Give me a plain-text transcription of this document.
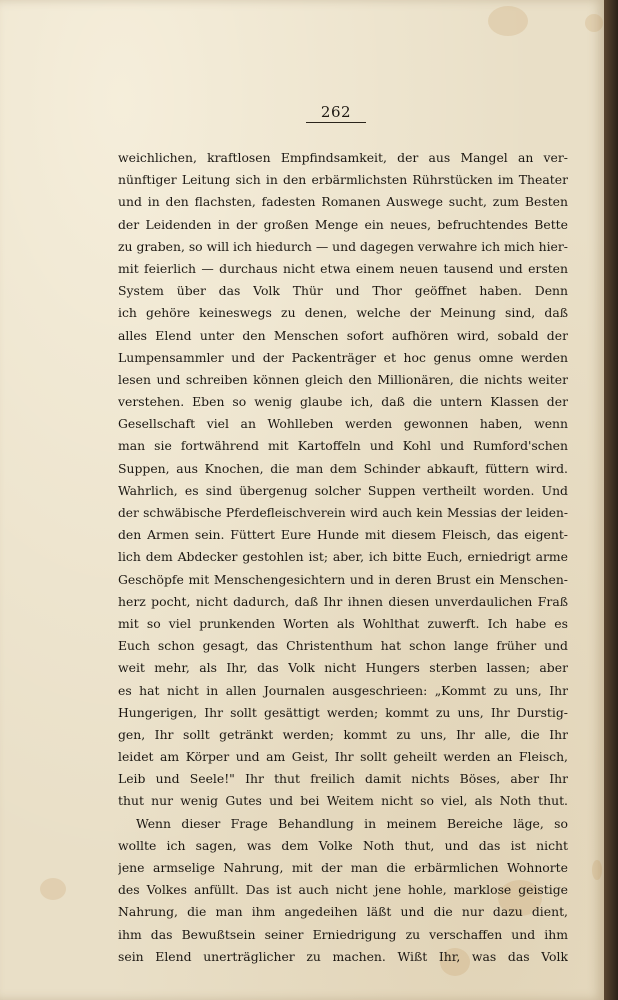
262
weichlichen, kraftlosen Empfindsamkeit, der aus Mangel an ver-
nünftiger Leitung sich in den erbärmlichsten Rührstücken im Theater
und in den flachsten, fadesten Romanen Auswege sucht, zum Besten
der Leidenden in der großen Menge ein neues, befruchtendes Bette
zu graben, so will ich hiedurch — und dagegen verwahre ich mich hier-
mit feierlich — durchaus nicht etwa einem neuen tausend und ersten
System über das Volk Thür und Thor geöffnet haben. Denn
ich gehöre keineswegs zu denen, welche der Meinung sind, daß
alles Elend unter den Menschen sofort aufhören wird, sobald der
Lumpensammler und der Packenträger et hoc genus omne werden
lesen und schreiben können gleich den Millionären, die nichts weiter
verstehen. Eben so wenig glaube ich, daß die untern Klassen der
Gesellschaft viel an Wohlleben werden gewonnen haben, wenn
man sie fortwährend mit Kartoffeln und Kohl und Rumford'schen
Suppen, aus Knochen, die man dem Schinder abkauft, füttern wird.
Wahrlich, es sind übergenug solcher Suppen vertheilt worden. Und
der schwäbische Pferdefleischverein wird auch kein Messias der leiden-
den Armen sein. Füttert Eure Hunde mit diesem Fleisch, das eigent-
lich dem Abdecker gestohlen ist; aber, ich bitte Euch, erniedrigt arme
Geschöpfe mit Menschengesichtern und in deren Brust ein Menschen-
herz pocht, nicht dadurch, daß Ihr ihnen diesen unverdaulichen Fraß
mit so viel prunkenden Worten als Wohlthat zuwerft. Ich habe es
Euch schon gesagt, das Christenthum hat schon lange früher und
weit mehr, als Ihr, das Volk nicht Hungers sterben lassen; aber
es hat nicht in allen Journalen ausgeschrieen: „Kommt zu uns, Ihr
Hungerigen, Ihr sollt gesättigt werden; kommt zu uns, Ihr Durstig-
gen, Ihr sollt getränkt werden; kommt zu uns, Ihr alle, die Ihr
leidet am Körper und am Geist, Ihr sollt geheilt werden an Fleisch,
Leib und Seele!" Ihr thut freilich damit nichts Böses, aber Ihr
thut nur wenig Gutes und bei Weitem nicht so viel, als Noth thut.
Wenn dieser Frage Behandlung in meinem Bereiche läge, so
wollte ich sagen, was dem Volke Noth thut, und das ist nicht
jene armselige Nahrung, mit der man die erbärmlichen Wohnorte
des Volkes anfüllt. Das ist auch nicht jene hohle, marklose geistige
Nahrung, die man ihm angedeihen läßt und die nur dazu dient,
ihm das Bewußtsein seiner Erniedrigung zu verschaffen und ihm
sein Elend unerträglicher zu machen. Wißt Ihr, was das Volk
